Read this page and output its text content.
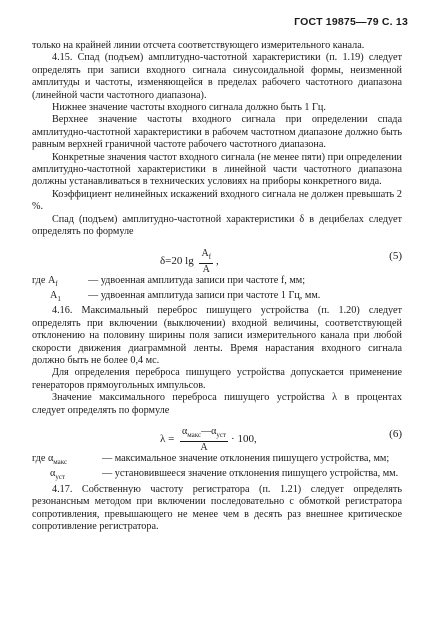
ГОСТ 19875—79 С. 13

только на крайней линии отсчета соответствующего измерительного канала.

4.15. Спад (подъем) амплитудно-частотной характеристики (п. 1.19) следует определять при записи входного сигнала синусоидальной формы, неизменной амплитуды и частоты, изменяющейся в пределах рабочего частотного диапазона (линейной части частотного диапазона).

Нижнее значение частоты входного сигнала должно быть 1 Гц.

Верхнее значение частоты входного сигнала при определении спада амплитудно-частотной характеристики в рабочем частотном диапазоне должно быть равным верхней граничной частоте рабочего частотного диапазона.

Конкретные значения частот входного сигнала (не менее пяти) при определении амплитудно-частотной характеристики в линейной части частотного диапазона должны устанавливаться в технических условиях на приборы конкретного вида.

Коэффициент нелинейных искажений входного сигнала не должен превышать 2 %.

Спад (подъем) амплитудно-частотной характеристики δ в децибелах следует определять по формуле

δ=20 $\lg \frac{A_f}{A}$ ,	(5)
где $A_f$	— удвоенная амплитуда записи при частоте f, мм;
$A_1$	— удвоенная амплитуда записи при частоте 1 Гц, мм.

4.16. Максимальный переброс пишущего устройства (п. 1.20) следует определять при включении (выключении) входной величины, соответствующей отклонению на половину ширины поля записи измерительного канала при любой скорости движения диаграммной ленты. Время нарастания входного сигнала должно быть не более 0,4 мс.

Для определения переброса пишущего устройства допускается применение генераторов прямоугольных импульсов.

Значение максимального переброса пишущего устройства λ в процентах следует определять по формуле

$\lambda = \frac{\alpha_{макс}—\alpha_{уст}}{A} \cdot 100$,	(6)
где $\alpha_{макс}$	— максимальное значение отклонения пишущего устройства, мм;
$\alpha_{уст}$	— установившееся значение отклонения пишущего устройства, мм.

4.17. Собственную частоту регистратора (п. 1.21) следует определять резонансным методом при включении последовательно с обмоткой регистратора сопротивления, превышающего не менее чем в десять раз внешнее критическое сопротивление регистратора.
